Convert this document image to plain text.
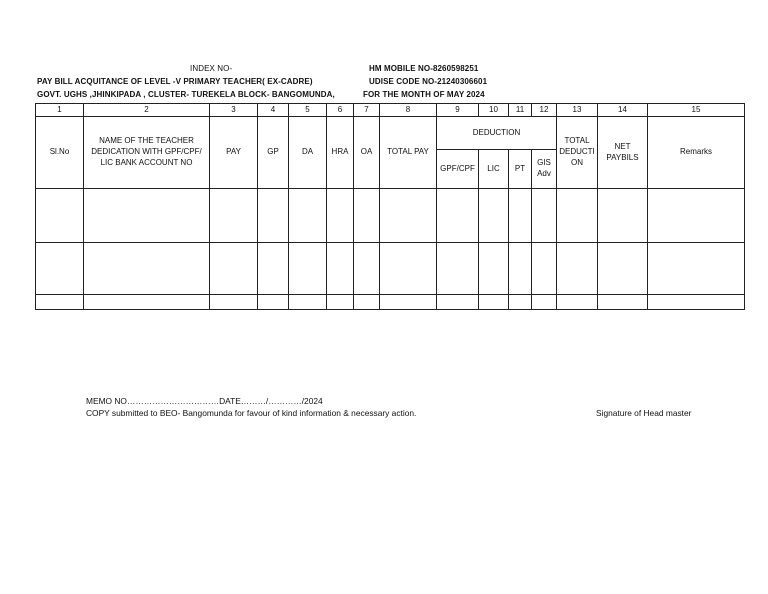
INDEX NO-	HM MOBILE NO-8260598251
PAY BILL ACQUITANCE OF LEVEL -V PRIMARY TEACHER( EX-CADRE)	UDISE CODE NO-21240306601
GOVT. UGHS ,JHINKIPADA , CLUSTER- TUREKELA BLOCK- BANGOMUNDA,	FOR THE MONTH OF MAY 2024
1	2	3	4	5	6	7	8	9	10	11	12	13	14	15
Sl.No	NAME OF THE TEACHER DEDICATION WITH GPF/CPF/ LIC BANK ACCOUNT NO	PAY	GP	DA	HRA	OA	TOTAL PAY	DEDUCTION				TOTAL DEDUCTI ON	NET PAYBILS	Remarks
								GPF/CPF	LIC	PT	GIS Adv			

MEMO NO……………………………DATE………/…………/2024
COPY submitted to BEO- Bangomunda for favour of kind information & necessary action.	Signature of Head master
